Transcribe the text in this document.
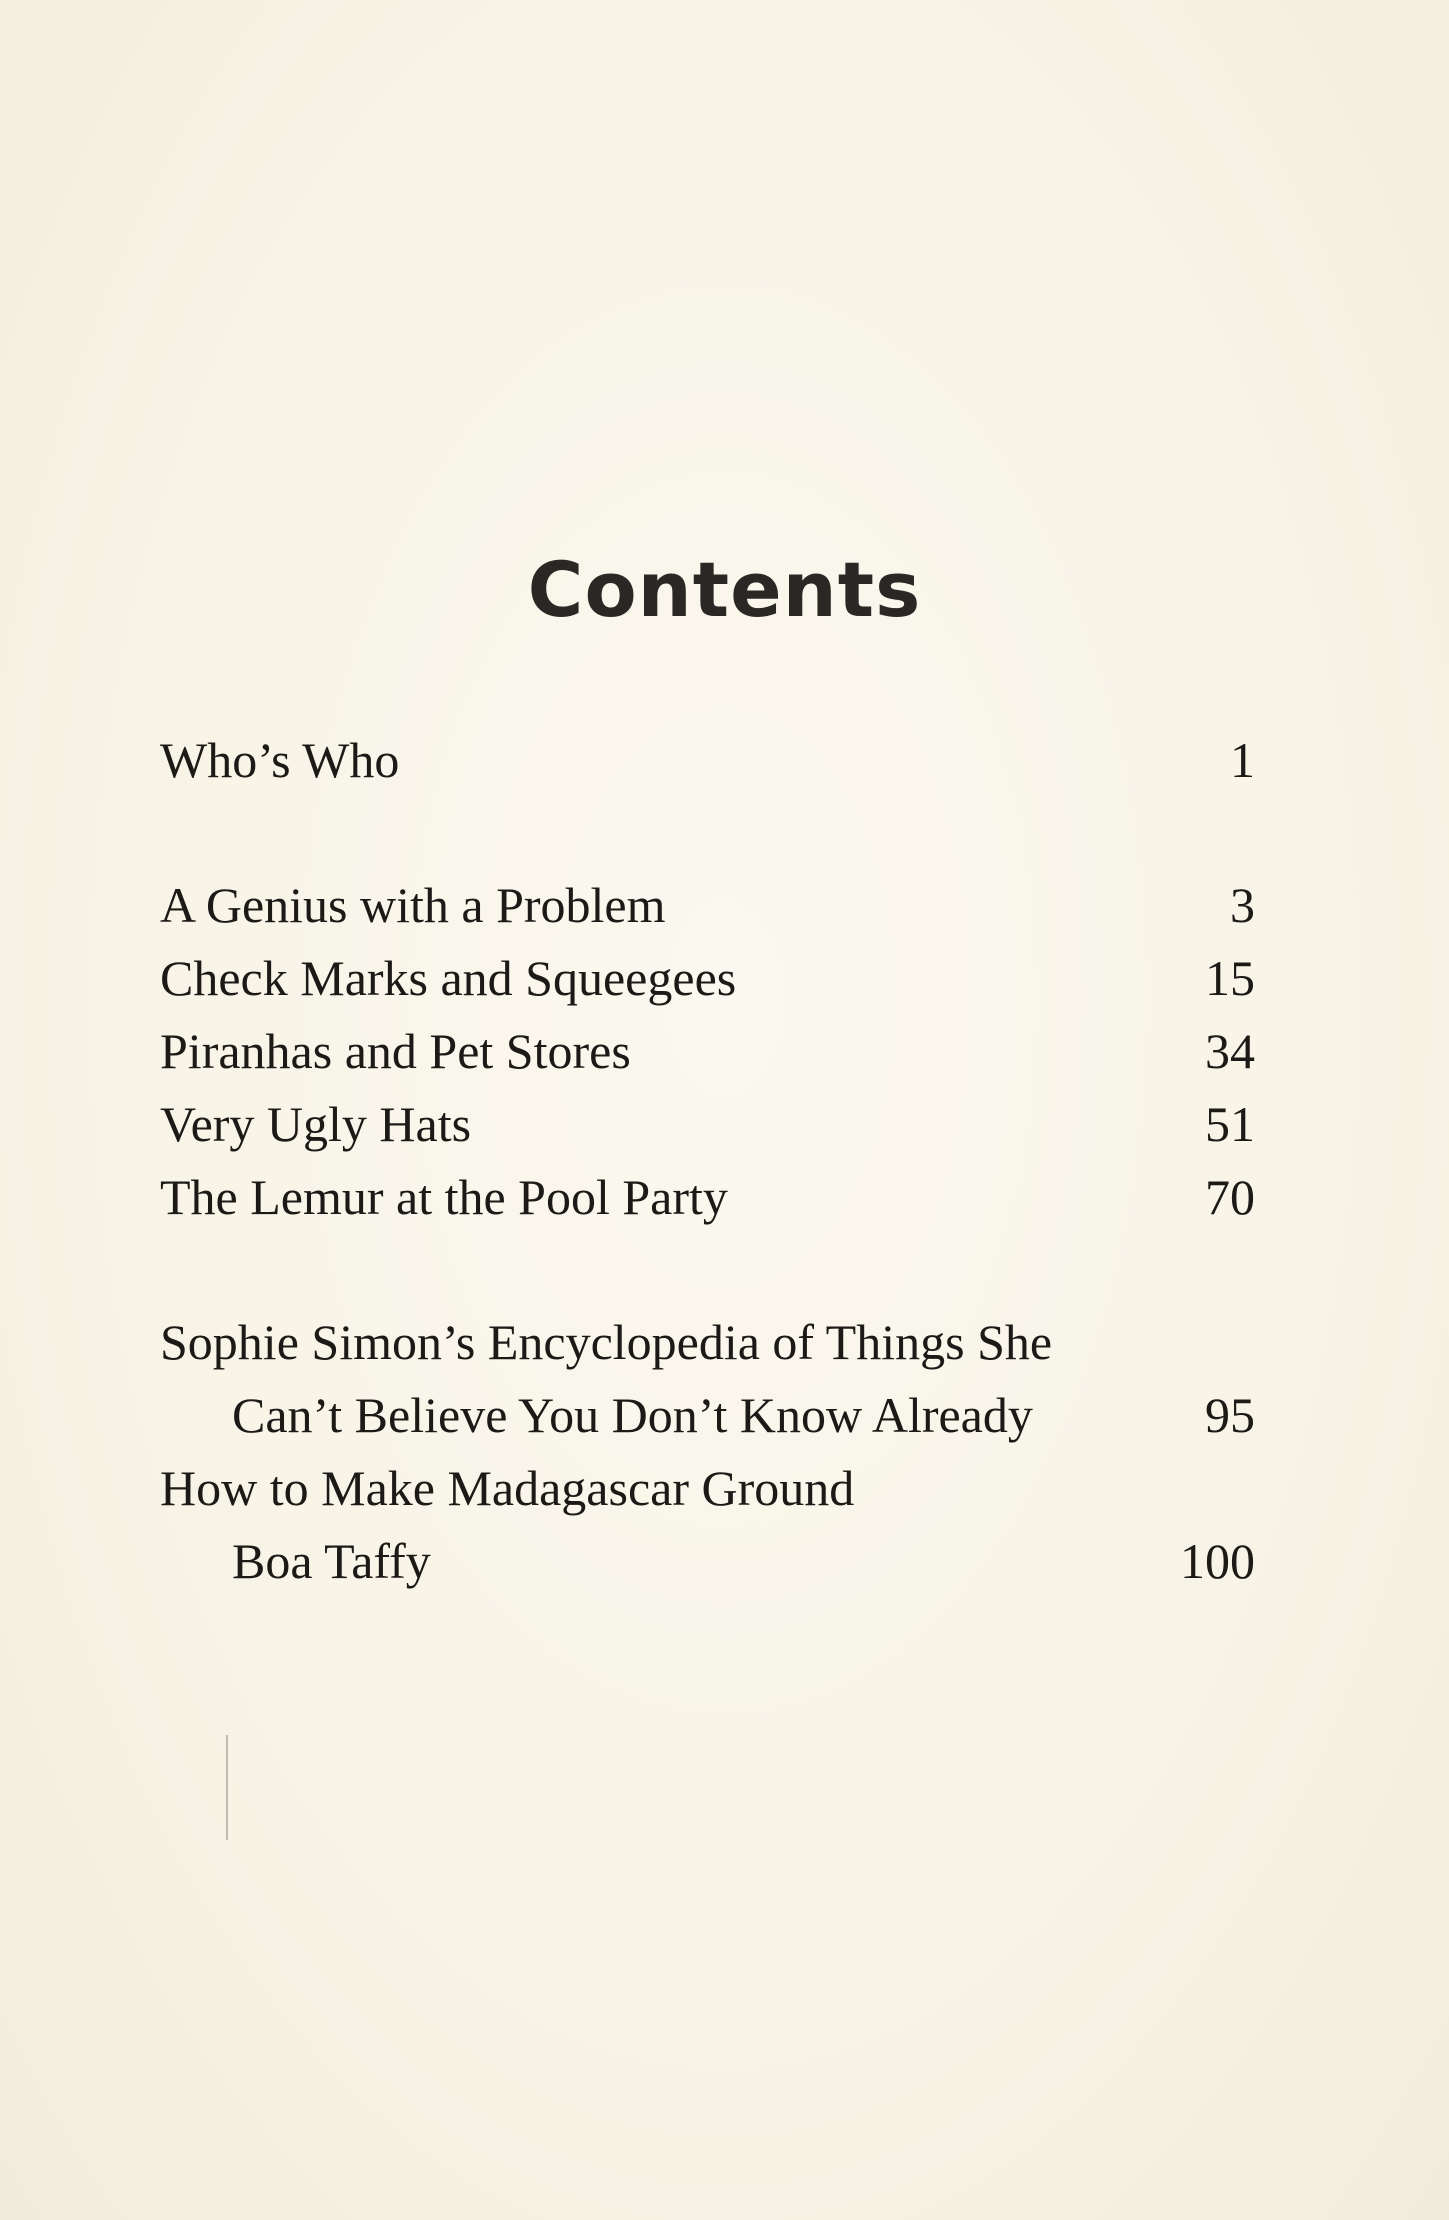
Contents
Who’s Who	1
A Genius with a Problem	3
Check Marks and Squeegees	15
Piranhas and Pet Stores	34
Very Ugly Hats	51
The Lemur at the Pool Party	70
Sophie Simon’s Encyclopedia of Things She
Can’t Believe You Don’t Know Already	95
How to Make Madagascar Ground
Boa Taffy	100
